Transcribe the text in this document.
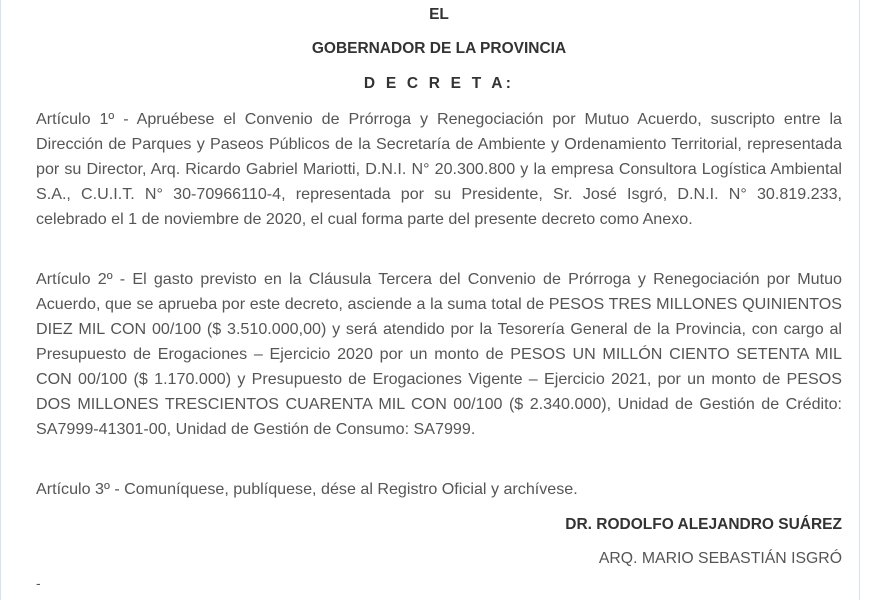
EL

GOBERNADOR DE LA PROVINCIA

D E C R E T A:

Artículo 1º - Apruébese el Convenio de Prórroga y Renegociación por Mutuo Acuerdo, suscripto entre la Dirección de Parques y Paseos Públicos de la Secretaría de Ambiente y Ordenamiento Territorial, representada por su Director, Arq. Ricardo Gabriel Mariotti, D.N.I. N° 20.300.800 y la empresa Consultora Logística Ambiental S.A., C.U.I.T. N° 30-70966110-4, representada por su Presidente, Sr. José Isgró, D.N.I. N° 30.819.233, celebrado el 1 de noviembre de 2020, el cual forma parte del presente decreto como Anexo.

Artículo 2º - El gasto previsto en la Cláusula Tercera del Convenio de Prórroga y Renegociación por Mutuo Acuerdo, que se aprueba por este decreto, asciende a la suma total de PESOS TRES MILLONES QUINIENTOS DIEZ MIL CON 00/100 ($ 3.510.000,00) y será atendido por la Tesorería General de la Provincia, con cargo al Presupuesto de Erogaciones – Ejercicio 2020 por un monto de PESOS UN MILLÓN CIENTO SETENTA MIL CON 00/100 ($ 1.170.000) y Presupuesto de Erogaciones Vigente – Ejercicio 2021, por un monto de PESOS DOS MILLONES TRESCIENTOS CUARENTA MIL CON 00/100 ($ 2.340.000), Unidad de Gestión de Crédito: SA7999-41301-00, Unidad de Gestión de Consumo: SA7999.

Artículo 3º - Comuníquese, publíquese, dése al Registro Oficial y archívese.

DR. RODOLFO ALEJANDRO SUÁREZ

ARQ. MARIO SEBASTIÁN ISGRÓ

-
